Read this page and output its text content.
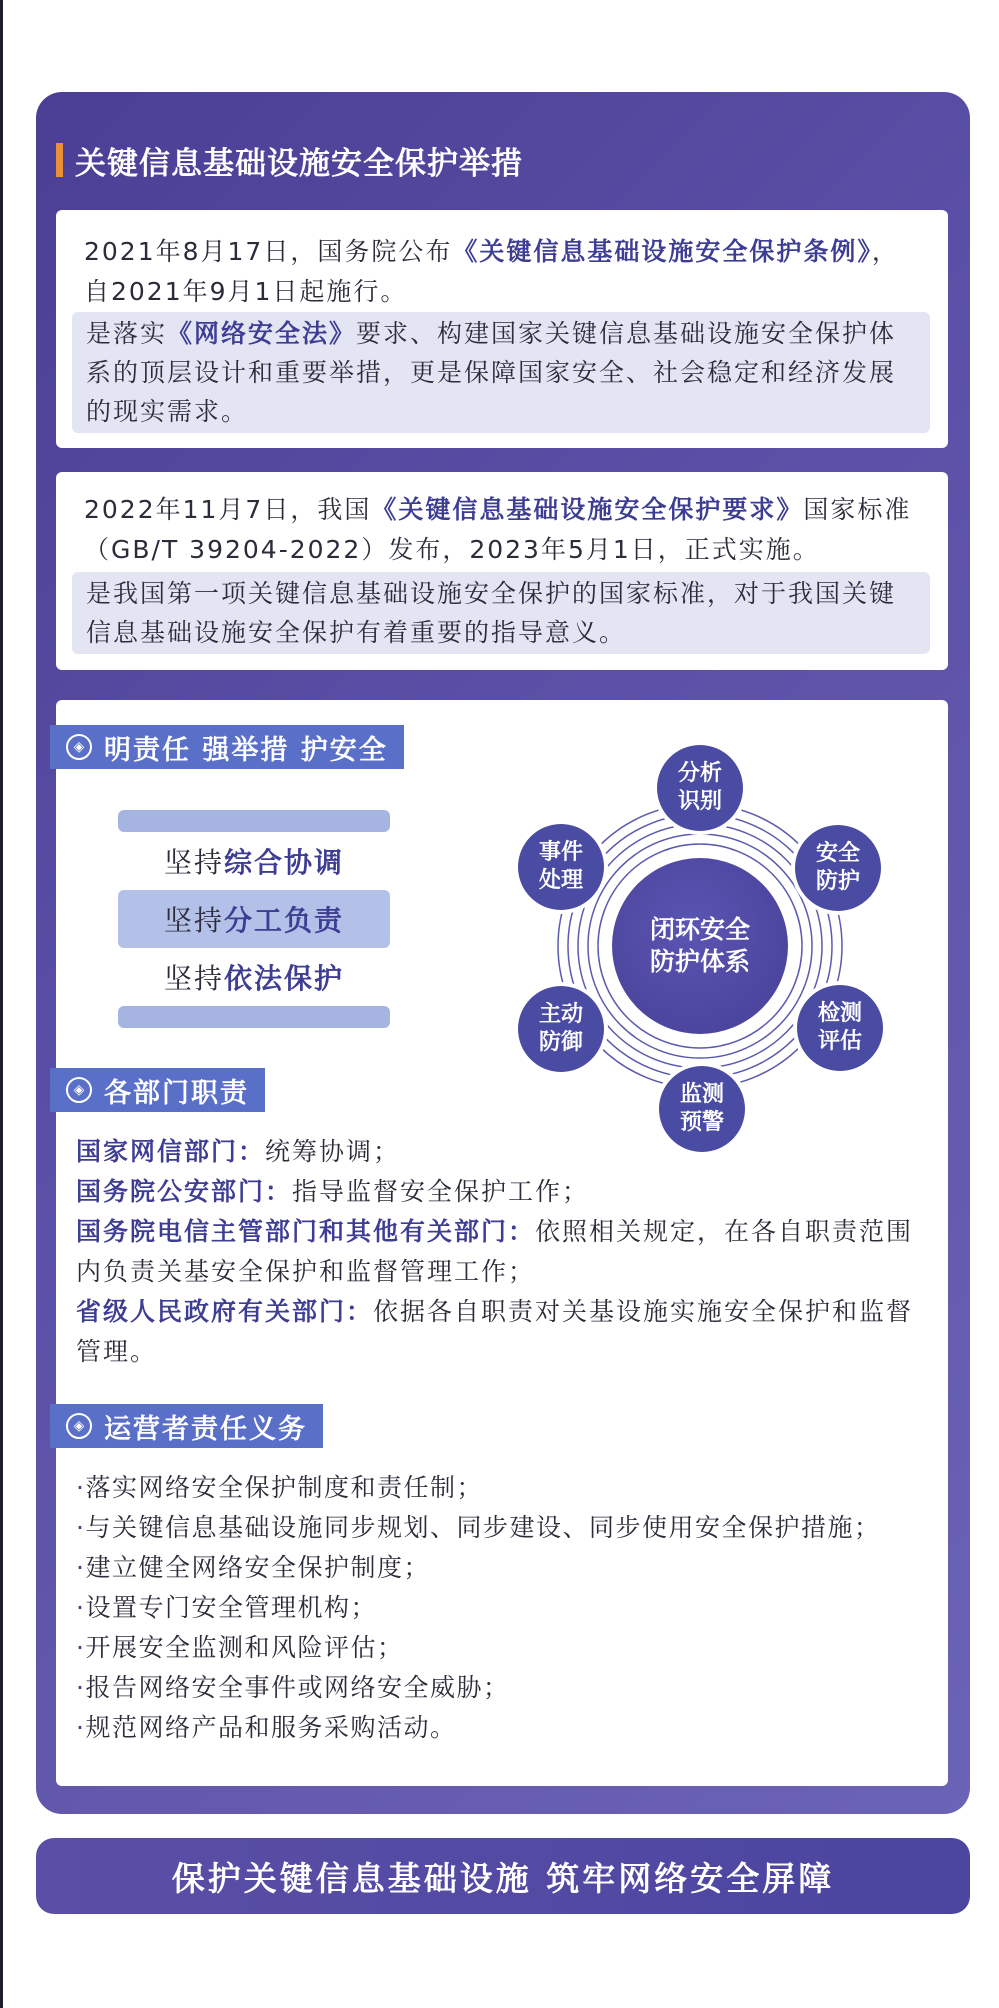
关键信息基础设施安全保护举措
2021年8月17日，国务院公布《关键信息基础设施安全保护条例》，自2021年9月1日起施行。
是落实《网络安全法》要求、构建国家关键信息基础设施安全保护体系的顶层设计和重要举措，更是保障国家安全、社会稳定和经济发展的现实需求。
2022年11月7日，我国《关键信息基础设施安全保护要求》国家标准（GB/T 39204-2022）发布，2023年5月1日，正式实施。
是我国第一项关键信息基础设施安全保护的国家标准，对于我国关键信息基础设施安全保护有着重要的指导意义。
◈ 明责任 强举措 护安全
坚持 综合协调
坚持 分工负责
坚持 依法保护
闭环安全防护体系
分析识别
安全防护
检测评估
监测预警
主动防御
事件处理
◈ 各部门职责
国家网信部门：统筹协调；
国务院公安部门：指导监督安全保护工作；
国务院电信主管部门和其他有关部门：依照相关规定，在各自职责范围内负责关基安全保护和监督管理工作；
省级人民政府有关部门：依据各自职责对关基设施实施安全保护和监督管理。
◈ 运营者责任义务
·落实网络安全保护制度和责任制；
·与关键信息基础设施同步规划、同步建设、同步使用安全保护措施；
·建立健全网络安全保护制度；
·设置专门安全管理机构；
·开展安全监测和风险评估；
·报告网络安全事件或网络安全威胁；
·规范网络产品和服务采购活动。
保护关键信息基础设施 筑牢网络安全屏障
